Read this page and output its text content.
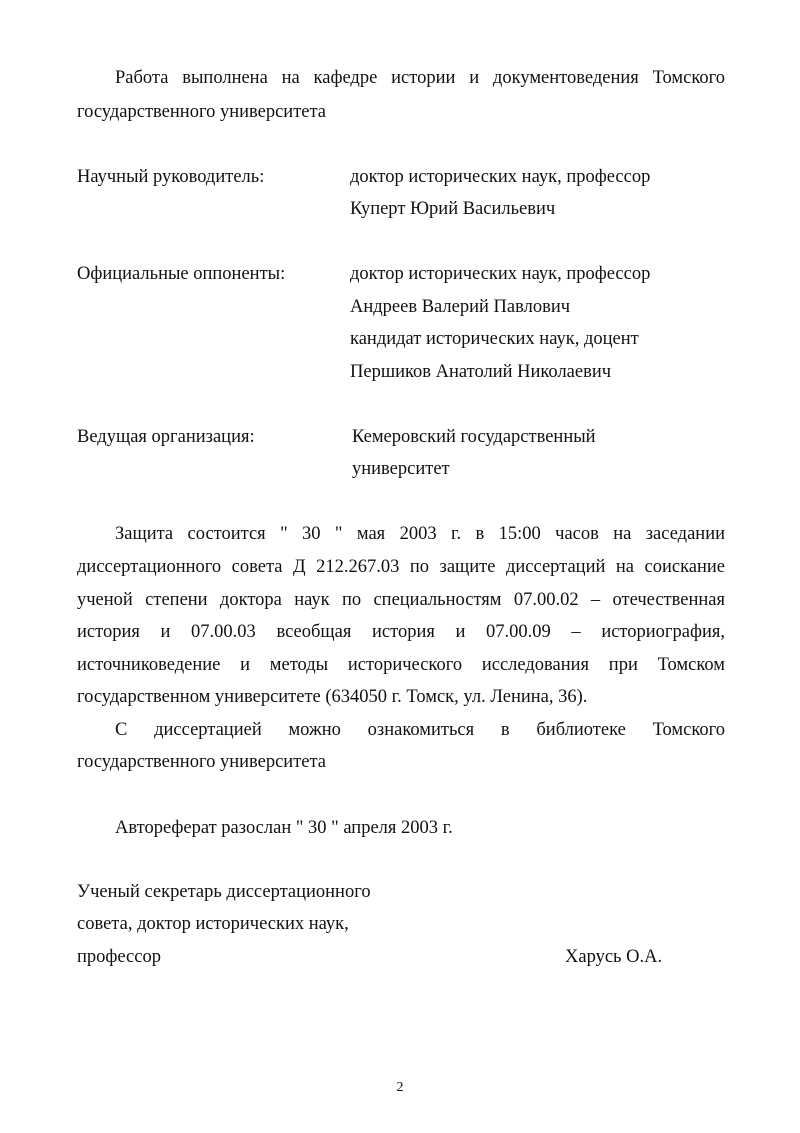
Работа выполнена на кафедре истории и документоведения Томского
государственного университета
Научный руководитель:	доктор исторических наук, профессор
Куперт Юрий Васильевич
Официальные оппоненты:	доктор исторических наук, профессор
Андреев Валерий Павлович
кандидат исторических наук, доцент
Першиков Анатолий Николаевич
Ведущая организация:	Кемеровский государственный
университет
Защита состоится " 30 " мая 2003 г. в 15:00 часов на заседании
диссертационного совета Д 212.267.03 по защите диссертаций на соискание
ученой степени доктора наук по специальностям 07.00.02 – отечественная
история и 07.00.03 всеобщая история и 07.00.09 – историография,
источниковедение и методы исторического исследования при Томском
государственном университете (634050 г. Томск, ул. Ленина, 36).
С диссертацией можно ознакомиться в библиотеке Томского
государственного университета
Автореферат разослан " 30 " апреля 2003 г.
Ученый секретарь диссертационного
совета, доктор исторических наук,
профессор	Харусь О.А.
2
